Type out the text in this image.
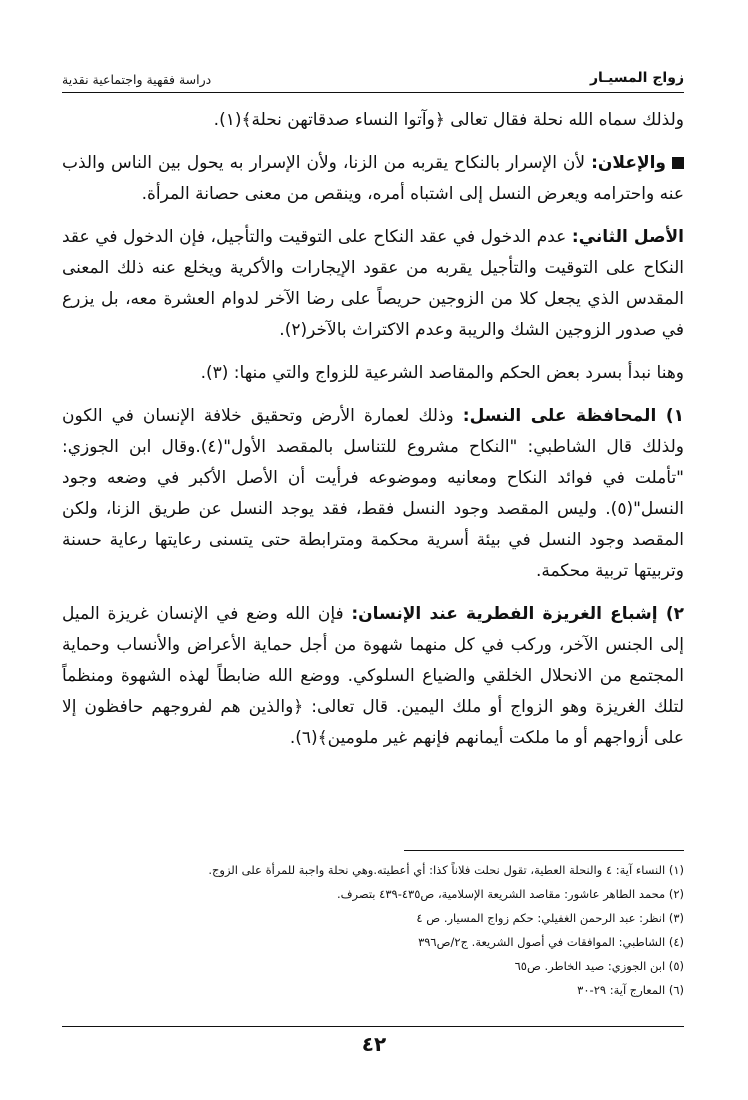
زواج المسيـار
دراسة فقهية واجتماعية نقدية

ولذلك سماه الله نحلة فقال تعالى ﴿وآتوا النساء صدقاتهن نحلة﴾(١).

والإعلان: لأن الإسرار بالنكاح يقربه من الزنا، ولأن الإسرار به يحول بين الناس والذب عنه واحترامه ويعرض النسل إلى اشتباه أمره، وينقص من معنى حصانة المرأة.

الأصل الثاني: عدم الدخول في عقد النكاح على التوقيت والتأجيل، فإن الدخول في عقد النكاح على التوقيت والتأجيل يقربه من عقود الإيجارات والأكرية ويخلع عنه ذلك المعنى المقدس الذي يجعل كلا من الزوجين حريصاً على رضا الآخر لدوام العشرة معه، بل يزرع في صدور الزوجين الشك والريبة وعدم الاكتراث بالآخر(٢).

وهنا نبدأ بسرد بعض الحكم والمقاصد الشرعية للزواج والتي منها: (٣).

١) المحافظة على النسل: وذلك لعمارة الأرض وتحقيق خلافة الإنسان في الكون ولذلك قال الشاطبي: "النكاح مشروع للتناسل بالمقصد الأول"(٤).وقال ابن الجوزي: "تأملت في فوائد النكاح ومعانيه وموضوعه فرأيت أن الأصل الأكبر في وضعه وجود النسل"(٥). وليس المقصد وجود النسل فقط، فقد يوجد النسل عن طريق الزنا، ولكن المقصد وجود النسل في بيئة أسرية محكمة ومترابطة حتى يتسنى رعايتها رعاية حسنة وتربيتها تربية محكمة.

٢) إشباع الغريزة الفطرية عند الإنسان: فإن الله وضع في الإنسان غريزة الميل إلى الجنس الآخر، وركب في كل منهما شهوة من أجل حماية الأعراض والأنساب وحماية المجتمع من الانحلال الخلقي والضياع السلوكي. ووضع الله ضابطاً لهذه الشهوة ومنظماً لتلك الغريزة وهو الزواج أو ملك اليمين. قال تعالى: ﴿والذين هم لفروجهم حافظون إلا على أزواجهم أو ما ملكت أيمانهم فإنهم غير ملومين﴾(٦).

(١) النساء آية: ٤ والنحلة العطية، تقول نحلت فلاناً كذا: أي أعطيته.وهي نحلة واجبة للمرأة على الزوج.
(٢) محمد الطاهر عاشور: مقاصد الشريعة الإسلامية، ص٤٣٥-٤٣٩ بتصرف.
(٣) انظر: عبد الرحمن الغفيلي: حكم زواج المسيار. ص ٤
(٤) الشاطبي: الموافقات في أصول الشريعة. ج٢/ص٣٩٦
(٥) ابن الجوزي: صيد الخاطر. ص٦٥
(٦) المعارج آية: ٢٩-٣٠
٤٢
